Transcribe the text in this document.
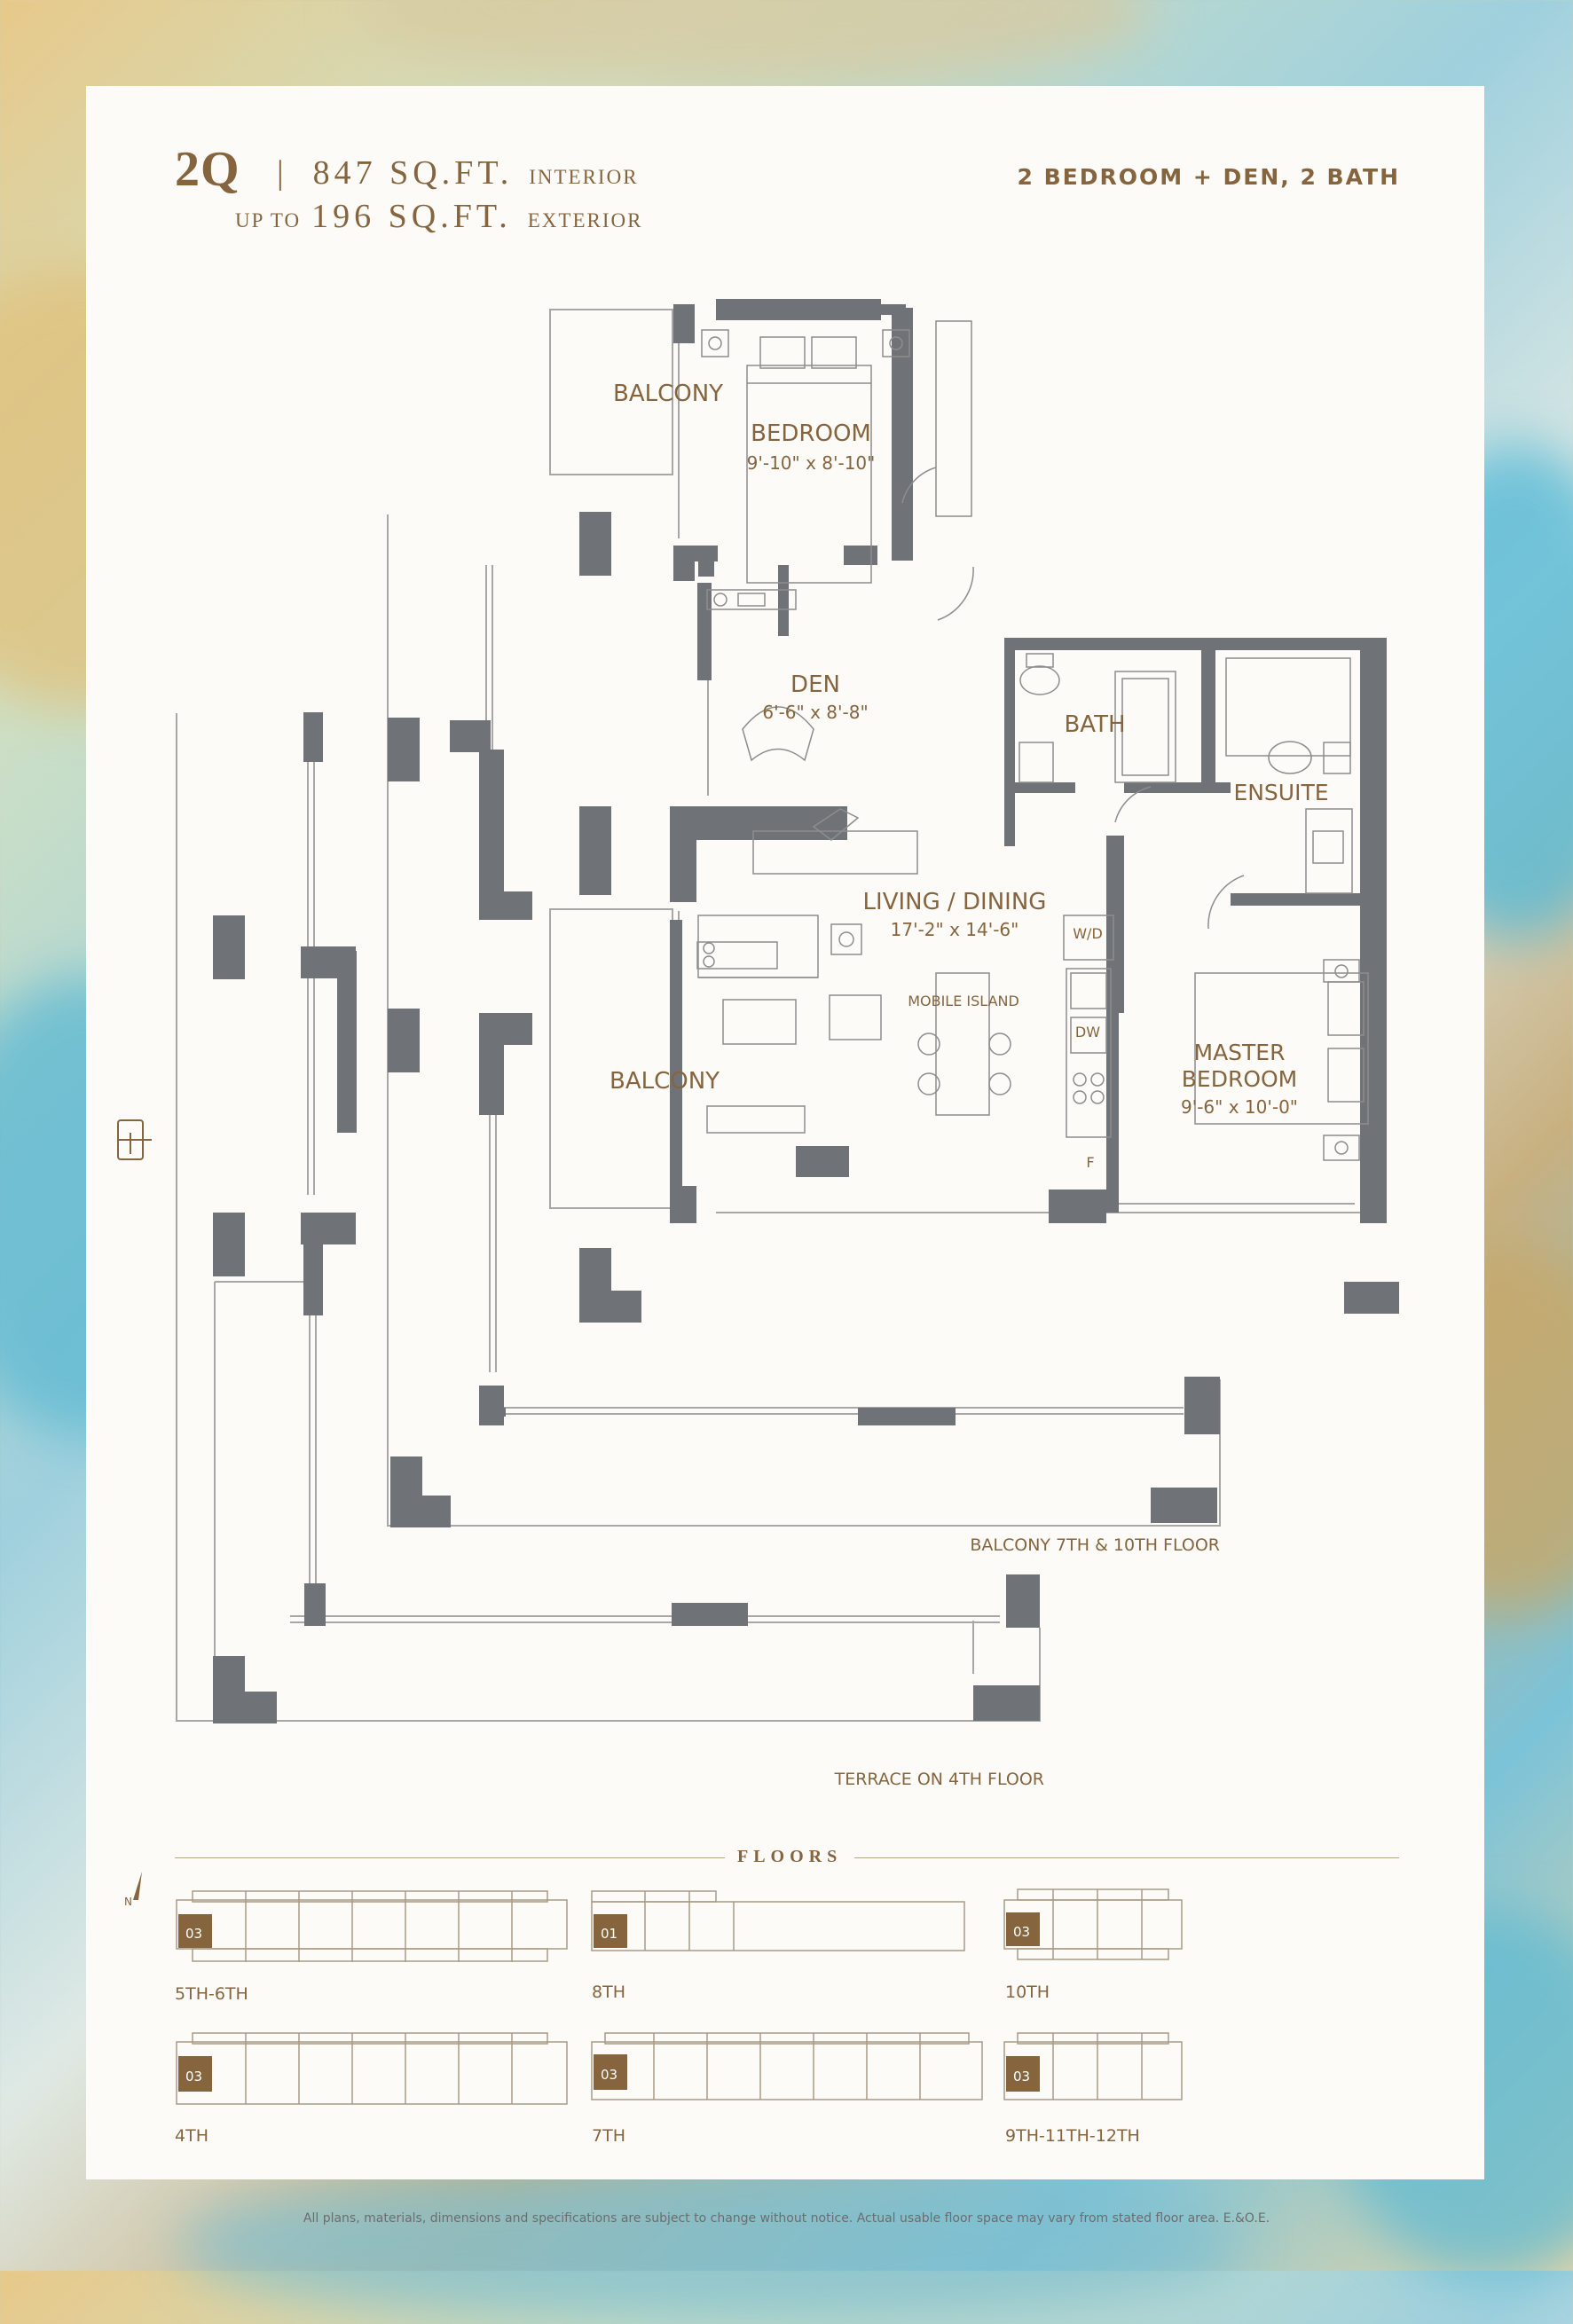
2Q | 847 SQ.FT. INTERIOR
UP TO 196 SQ.FT. EXTERIOR
2 BEDROOM + DEN, 2 BATH
BALCONY
BEDROOM
9'-10" x 8'-10"
DEN
6'-6" x 8'-8"	BATH
ENSUITE
LIVING / DINING
17'-2" x 14'-6"	W/D
MOBILE ISLAND
DW
F
MASTER
BEDROOM
9'-6" x 10'-0"
BALCONY
BALCONY 7TH & 10TH FLOOR
TERRACE ON 4TH FLOOR
FLOORS
N
03	01	03
03	03	03
5TH-6TH	8TH	10TH
4TH	7TH	9TH-11TH-12TH
All plans, materials, dimensions and specifications are subject to change without notice. Actual usable floor space may vary from stated floor area. E.&O.E.
